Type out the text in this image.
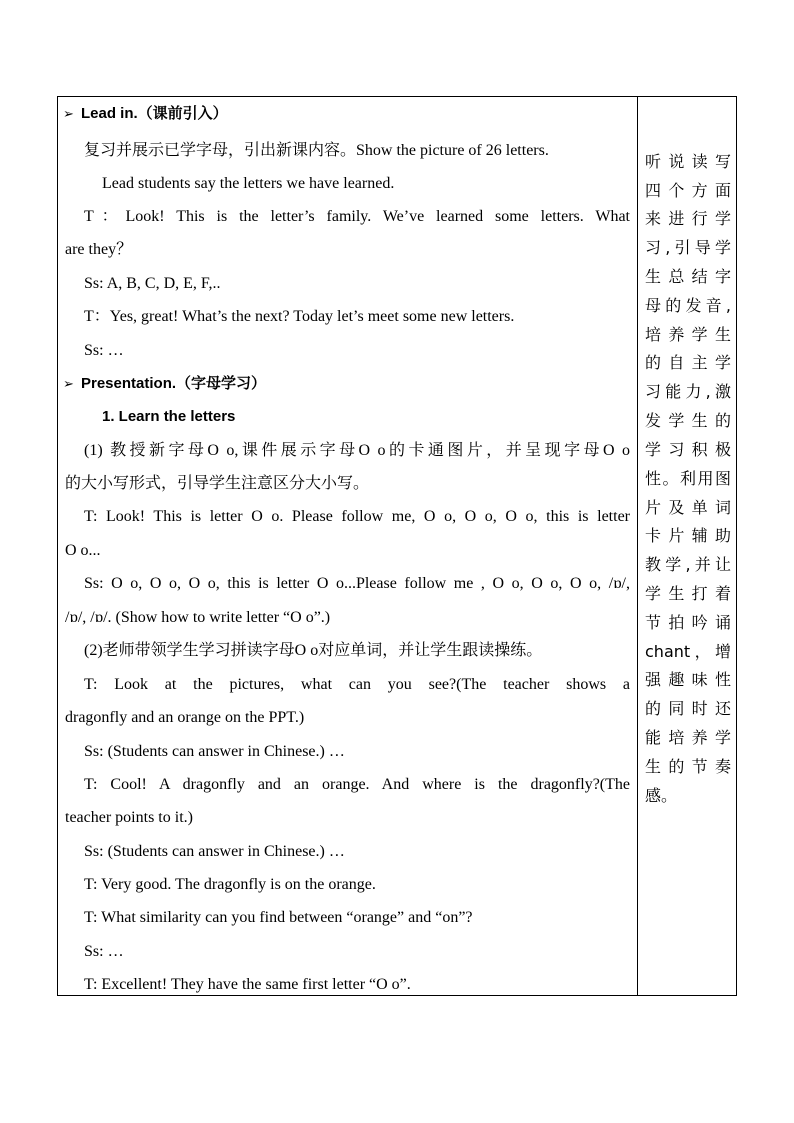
➢ Lead in.（课前引入）
复习并展示已学字母，引出新课内容。Show the picture of 26 letters.
Lead students say the letters we have learned.
T：Look! This is the letter’s family. We’ve learned some letters. What
are they？
Ss: A, B, C, D, E, F,..
T：Yes, great! What’s the next? Today let’s meet some new letters.
Ss: …
➢ Presentation.（字母学习）
1. Learn the letters
(1) 教授新字母O o,课件展示字母O o的卡通图片，并呈现字母O o
的大小写形式，引导学生注意区分大小写。
T: Look! This is letter O o. Please follow me, O o, O o, O o, this is letter
O o...
Ss: O o, O o, O o, this is letter O o...Please follow me , O o, O o, O o, /ɒ/,
/ɒ/, /ɒ/. (Show how to write letter “O o”.)
(2)老师带领学生学习拼读字母O o对应单词，并让学生跟读操练。
T: Look at the pictures, what can you see?(The teacher shows a
dragonfly and an orange on the PPT.)
Ss: (Students can answer in Chinese.) …
T: Cool! A dragonfly and an orange. And where is the dragonfly?(The
teacher points to it.)
Ss: (Students can answer in Chinese.) …
T: Very good. The dragonfly is on the orange.
T: What similarity can you find between “orange” and “on”?
Ss: …
T: Excellent! They have the same first letter “O o”.
听说读写
四个方面
来进行学
习,引导学
生总结字
母的发音,
培养学生
的自主学
习能力,激
发学生的
学习积极
性。利用图
片及单词
卡片辅助
教学,并让
学生打着
节拍吟诵
chant，增
强趣味性
的同时还
能培养学
生的节奏
感。
